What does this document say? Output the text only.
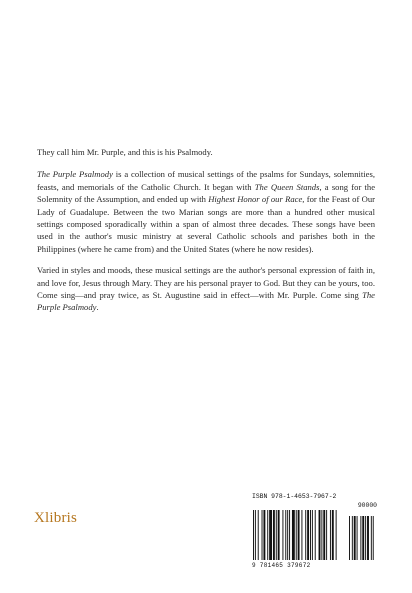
They call him Mr. Purple, and this is his Psalmody.

The Purple Psalmody is a collection of musical settings of the psalms for Sundays, solemnities, feasts, and memorials of the Catholic Church. It began with The Queen Stands, a song for the Solemnity of the Assumption, and ended up with Highest Honor of our Race, for the Feast of Our Lady of Guadalupe. Between the two Marian songs are more than a hundred other musical settings composed sporadically within a span of almost three decades. These songs have been used in the author's music ministry at several Catholic schools and parishes both in the Philippines (where he came from) and the United States (where he now resides).

Varied in styles and moods, these musical settings are the author's personal expression of faith in, and love for, Jesus through Mary. They are his personal prayer to God. But they can be yours, too. Come sing—and pray twice, as St. Augustine said in effect—with Mr. Purple. Come sing The Purple Psalmody.

Xlibris
ISBN 978-1-4653-7967-2
90000
9 781465 379672
